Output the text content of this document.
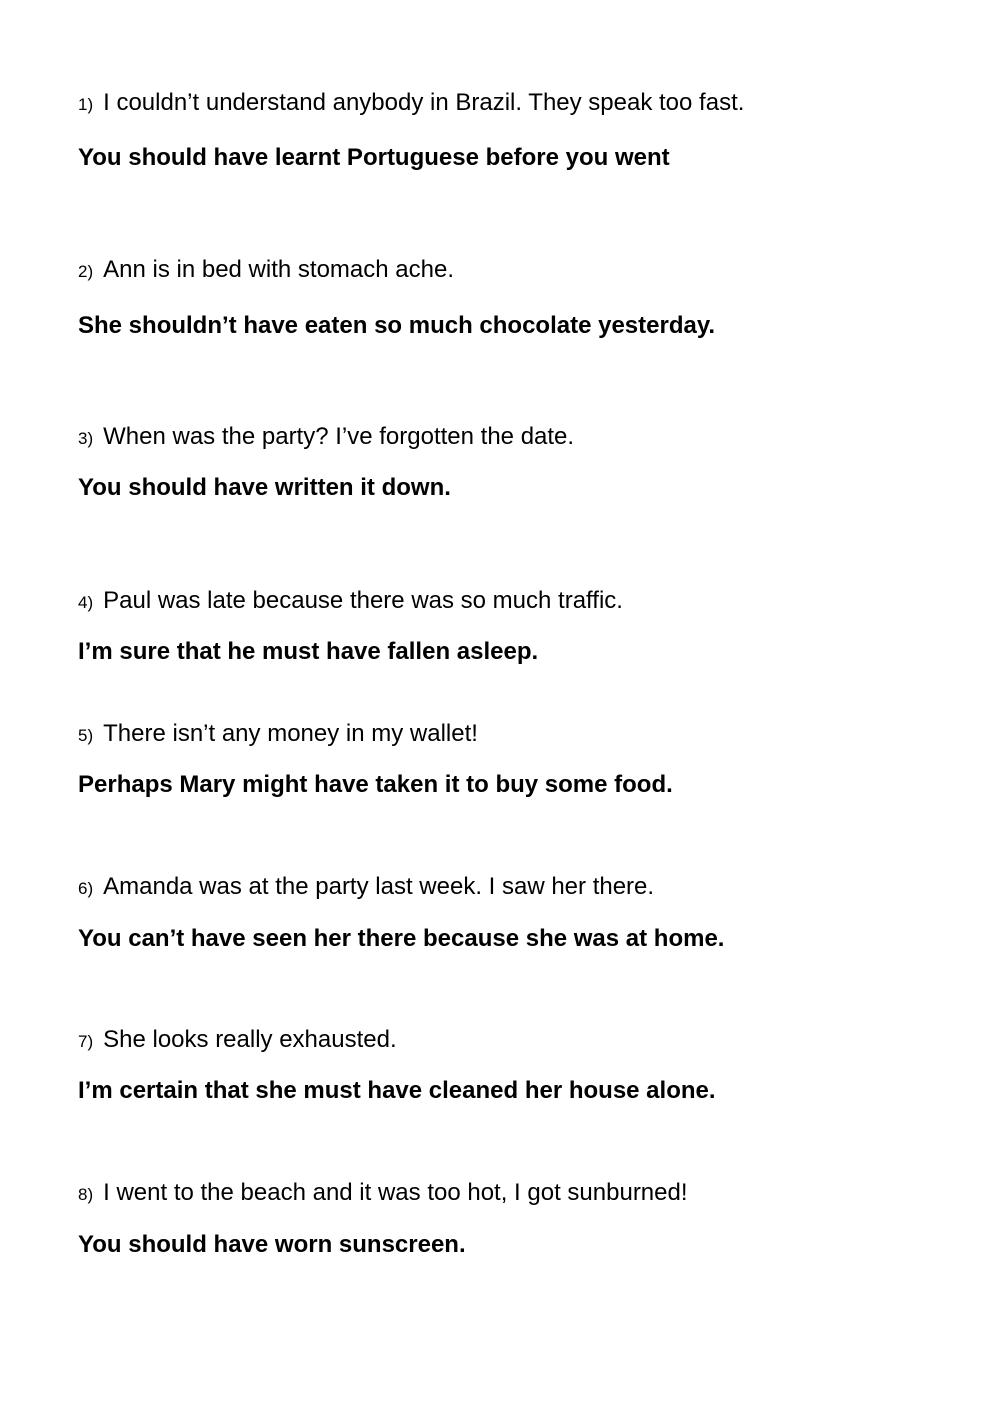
1) I couldn’t understand anybody in Brazil. They speak too fast.
You should have learnt Portuguese before you went
2) Ann is in bed with stomach ache.
She shouldn’t have eaten so much chocolate yesterday.
3) When was the party? I’ve forgotten the date.
You should have written it down.
4) Paul was late because there was so much traffic.
I’m sure that he must have fallen asleep.
5) There isn’t any money in my wallet!
Perhaps Mary might have taken it to buy some food.
6) Amanda was at the party last week. I saw her there.
You can’t have seen her there because she was at home.
7) She looks really exhausted.
I’m certain that she must have cleaned her house alone.
8) I went to the beach and it was too hot, I got sunburned!
You should have worn sunscreen.
